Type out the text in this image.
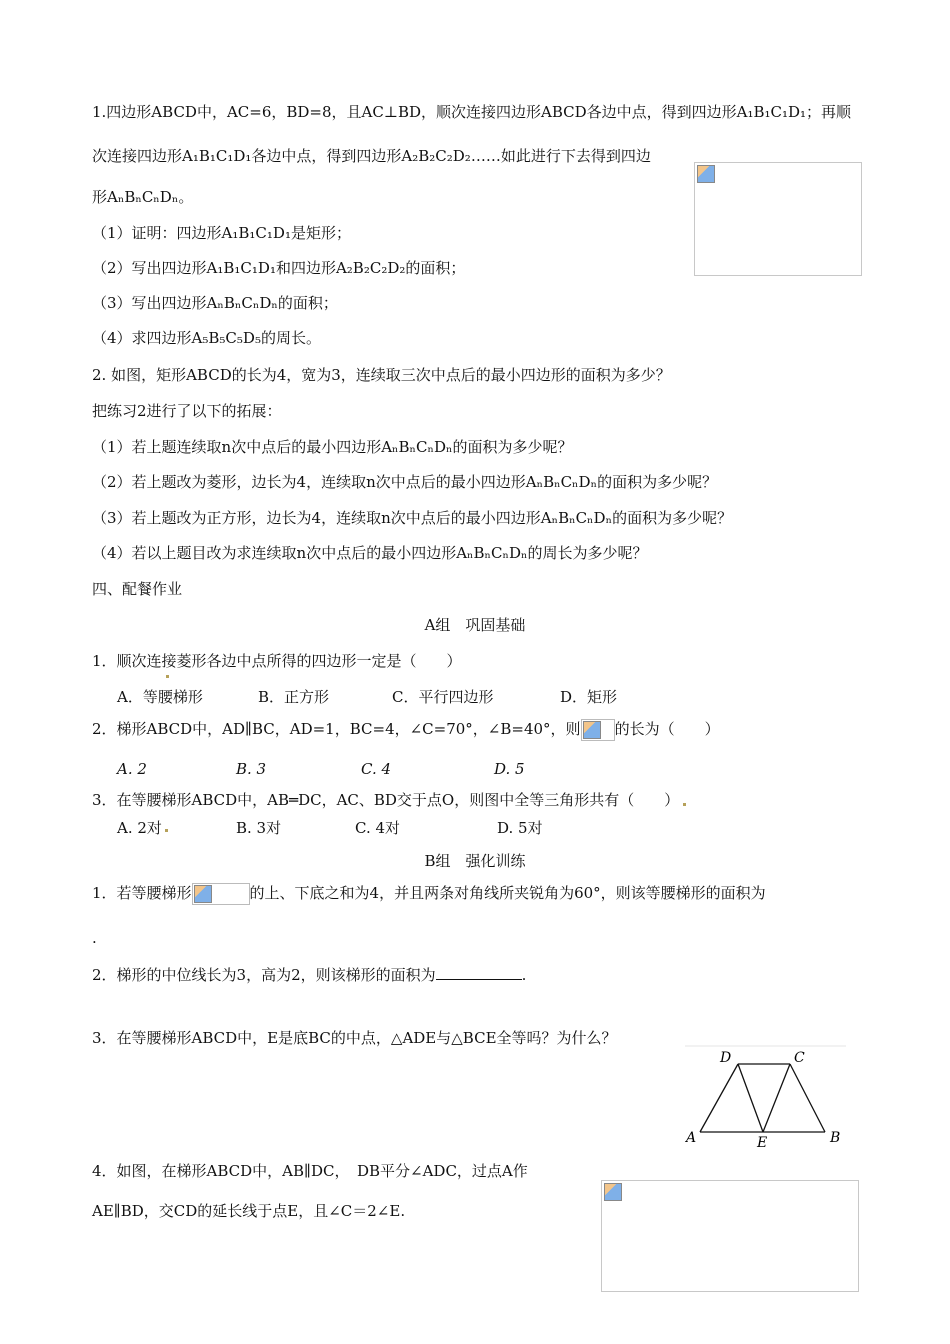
1.四边形ABCD中，AC=6，BD=8，且AC⊥BD，顺次连接四边形ABCD各边中点，得到四边形A₁B₁C₁D₁；再顺
次连接四边形A₁B₁C₁D₁各边中点，得到四边形A₂B₂C₂D₂……如此进行下去得到四边
形AₙBₙCₙDₙ。
（1）证明：四边形A₁B₁C₁D₁是矩形；
（2）写出四边形A₁B₁C₁D₁和四边形A₂B₂C₂D₂的面积；
（3）写出四边形AₙBₙCₙDₙ的面积；
（4）求四边形A₅B₅C₅D₅的周长。
2. 如图，矩形ABCD的长为4，宽为3，连续取三次中点后的最小四边形的面积为多少？
把练习2进行了以下的拓展：
（1）若上题连续取n次中点后的最小四边形AₙBₙCₙDₙ的面积为多少呢？
（2）若上题改为菱形，边长为4，连续取n次中点后的最小四边形AₙBₙCₙDₙ的面积为多少呢？
（3）若上题改为正方形，边长为4，连续取n次中点后的最小四边形AₙBₙCₙDₙ的面积为多少呢？
（4）若以上题目改为求连续取n次中点后的最小四边形AₙBₙCₙDₙ的周长为多少呢？
四、配餐作业
A组　巩固基础
1．顺次连接菱形各边中点所得的四边形一定是（　　）
A．等腰梯形	B．正方形	C．平行四边形	D．矩形
2．梯形ABCD中，AD∥BC，AD=1，BC=4，∠C=70°，∠B=40°，则 的长为（　　）
A. 2	B. 3	C. 4	D. 5
3．在等腰梯形ABCD中，AB═DC，AC、BD交于点O，则图中全等三角形共有（　　）
A. 2对	B. 3对	C. 4对	D. 5对
B组　强化训练
1．若等腰梯形	的上、下底之和为4，并且两条对角线所夹锐角为60°，则该等腰梯形的面积为
.
2．梯形的中位线长为3，高为2，则该梯形的面积为	.
3．在等腰梯形ABCD中，E是底BC的中点，△ADE与△BCE全等吗？为什么？
D	C
A	E	B
4．如图，在梯形ABCD中，AB∥DC，　DB平分∠ADC，过点A作
AE∥BD，交CD的延长线于点E，且∠C＝2∠E.
